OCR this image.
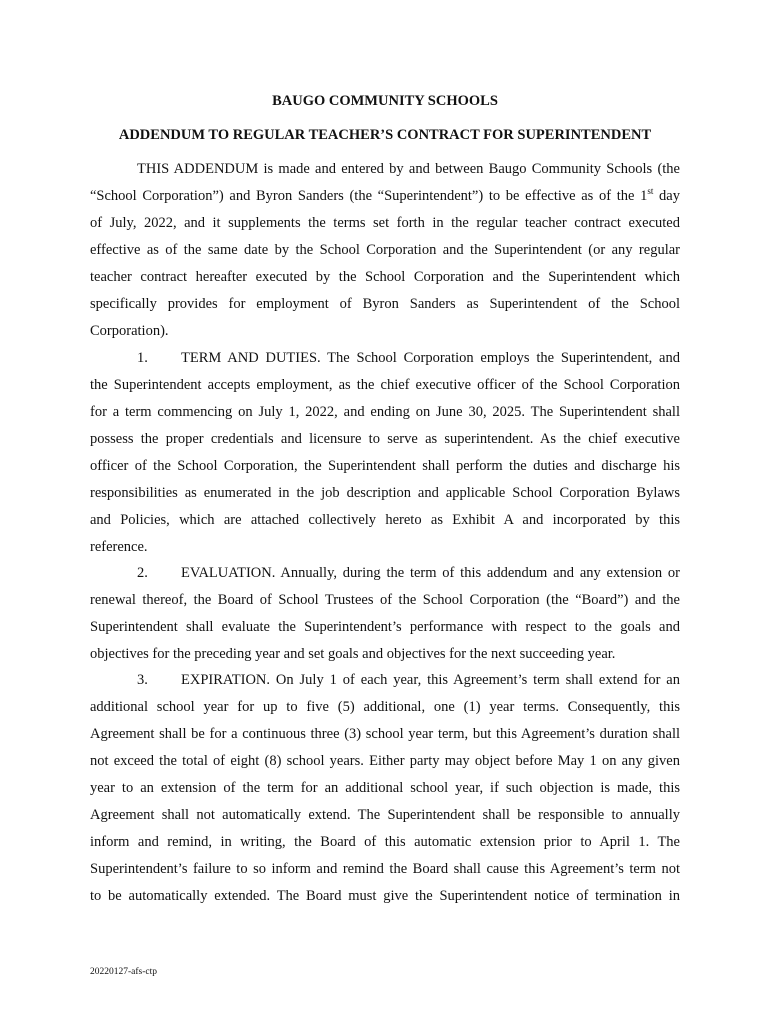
BAUGO COMMUNITY SCHOOLS
ADDENDUM TO REGULAR TEACHER’S CONTRACT FOR SUPERINTENDENT
THIS ADDENDUM is made and entered by and between Baugo Community Schools (the
“School Corporation”) and Byron Sanders (the “Superintendent”) to be effective as of the 1st day
of July, 2022, and it supplements the terms set forth in the regular teacher contract executed
effective as of the same date by the School Corporation and the Superintendent (or any regular
teacher contract hereafter executed by the School Corporation and the Superintendent which
specifically provides for employment of Byron Sanders as Superintendent of the School
Corporation).
1. TERM AND DUTIES. The School Corporation employs the Superintendent, and
the Superintendent accepts employment, as the chief executive officer of the School Corporation
for a term commencing on July 1, 2022, and ending on June 30, 2025. The Superintendent shall
possess the proper credentials and licensure to serve as superintendent. As the chief executive
officer of the School Corporation, the Superintendent shall perform the duties and discharge his
responsibilities as enumerated in the job description and applicable School Corporation Bylaws
and Policies, which are attached collectively hereto as Exhibit A and incorporated by this
reference.
2. EVALUATION. Annually, during the term of this addendum and any extension or
renewal thereof, the Board of School Trustees of the School Corporation (the “Board”) and the
Superintendent shall evaluate the Superintendent’s performance with respect to the goals and
objectives for the preceding year and set goals and objectives for the next succeeding year.
3. EXPIRATION. On July 1 of each year, this Agreement’s term shall extend for an
additional school year for up to five (5) additional, one (1) year terms. Consequently, this
Agreement shall be for a continuous three (3) school year term, but this Agreement’s duration shall
not exceed the total of eight (8) school years. Either party may object before May 1 on any given
year to an extension of the term for an additional school year, if such objection is made, this
Agreement shall not automatically extend. The Superintendent shall be responsible to annually
inform and remind, in writing, the Board of this automatic extension prior to April 1. The
Superintendent’s failure to so inform and remind the Board shall cause this Agreement’s term not
to be automatically extended. The Board must give the Superintendent notice of termination in
20220127-afs-ctp
